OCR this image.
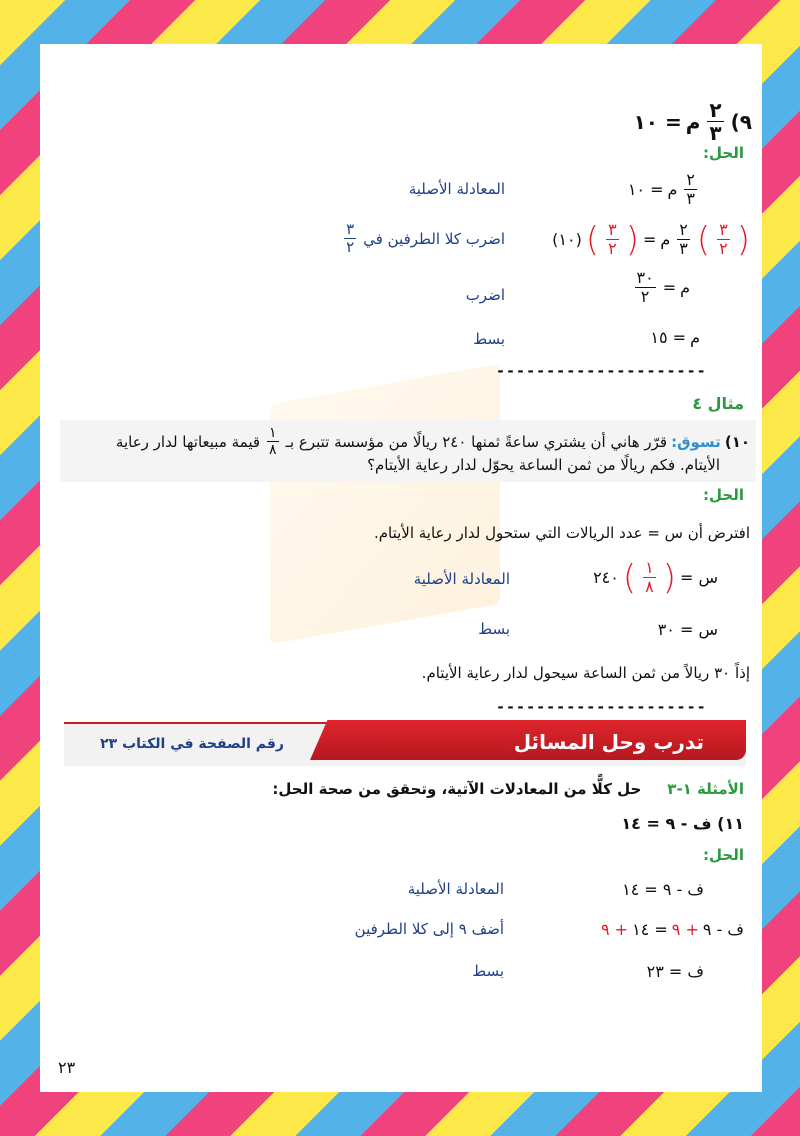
٩)
$\frac{٢}{٣}$
م
= ١٠
الحل:
$\frac{٢}{٣}$
م
= ١٠
المعادلة الأصلية
(
$\frac{٣}{٢}$
)
$\frac{٢}{٣}$
م
=
(
$\frac{٣}{٢}$
)
(١٠)
اضرب كلا الطرفين في
$\frac{٣}{٢}$
م
=
$\frac{٣٠}{٢}$
اضرب
م
= ١٥
بسط
---------------------
مثال ٤
١٠)
تسوق:
قرّر هاني أن يشتري ساعةً ثمنها ٢٤٠ ريالًا من مؤسسة تتبرع بـ
$\frac{١}{٨}$
قيمة مبيعاتها لدار رعاية
الأيتام. فكم ريالًا من ثمن الساعة يحوّل لدار رعاية الأيتام؟
الحل:
افترض أن س = عدد الريالات التي ستحول لدار رعاية الأيتام.
س =
(
$\frac{١}{٨}$
)
٢٤٠
المعادلة الأصلية
س = ٣٠
بسط
إذاً ٣٠ ريالاً من ثمن الساعة سيحول لدار رعاية الأيتام.
---------------------
تدرب وحل المسائل
رقم الصفحة في الكتاب ٢٣
الأمثلة ١-٣
حل كلًّا من المعادلات الآتية، وتحقق من صحة الحل:
١١) ف - ٩ = ١٤
الحل:
ف - ٩ = ١٤
المعادلة الأصلية
ف - ٩
+ ٩
= ١٤
+ ٩
أضف ٩ إلى كلا الطرفين
ف = ٢٣
بسط
٢٣
